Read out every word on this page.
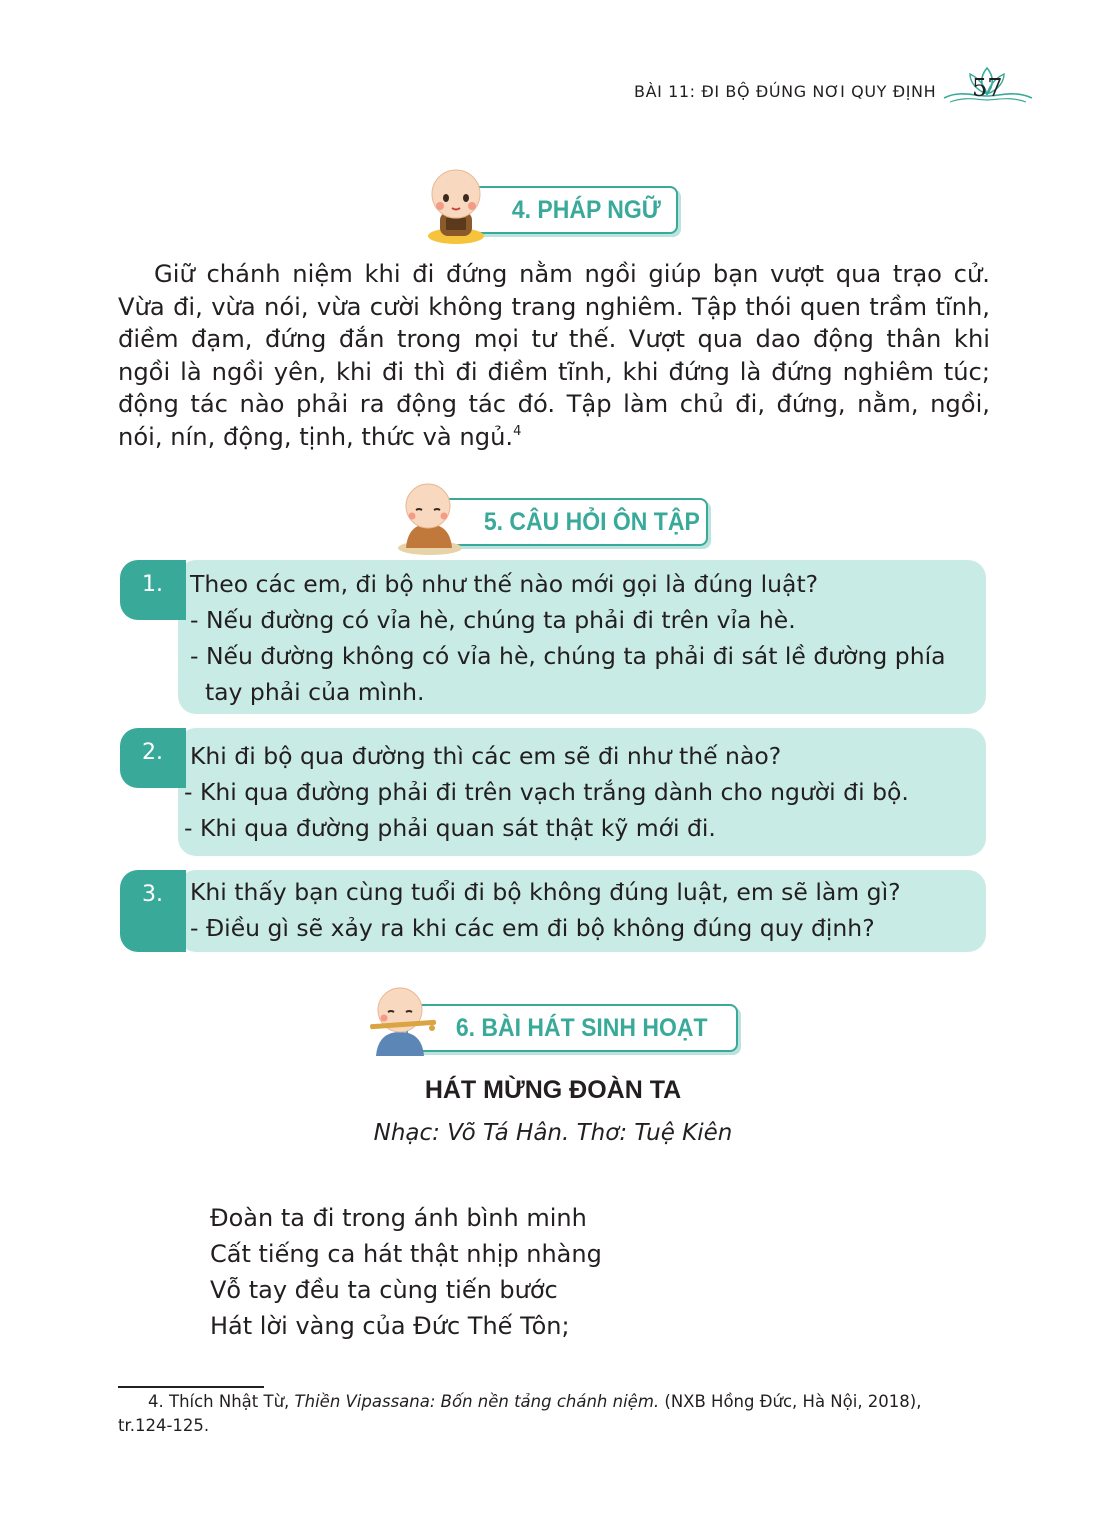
BÀI 11: ĐI BỘ ĐÚNG NƠI QUY ĐỊNH 57
4. PHÁP NGỮ
Giữ chánh niệm khi đi đứng nằm ngồi giúp bạn vượt qua trạo cử.
Vừa đi, vừa nói, vừa cười không trang nghiêm. Tập thói quen trầm tĩnh,
điềm đạm, đứng đắn trong mọi tư thế. Vượt qua dao động thân khi
ngồi là ngồi yên, khi đi thì đi điềm tĩnh, khi đứng là đứng nghiêm túc;
động tác nào phải ra động tác đó. Tập làm chủ đi, đứng, nằm, ngồi,
nói, nín, động, tịnh, thức và ngủ.$^4$
5. CÂU HỎI ÔN TẬP
1. Theo các em, đi bộ như thế nào mới gọi là đúng luật?
- Nếu đường có vỉa hè, chúng ta phải đi trên vỉa hè.
- Nếu đường không có vỉa hè, chúng ta phải đi sát lề đường phía
tay phải của mình.
2. Khi đi bộ qua đường thì các em sẽ đi như thế nào?
- Khi qua đường phải đi trên vạch trắng dành cho người đi bộ.
- Khi qua đường phải quan sát thật kỹ mới đi.
3. Khi thấy bạn cùng tuổi đi bộ không đúng luật, em sẽ làm gì?
- Điều gì sẽ xảy ra khi các em đi bộ không đúng quy định?
6. BÀI HÁT SINH HOẠT
HÁT MỪNG ĐOÀN TA
Nhạc: Võ Tá Hân. Thơ: Tuệ Kiên
Đoàn ta đi trong ánh bình minh
Cất tiếng ca hát thật nhịp nhàng
Vỗ tay đều ta cùng tiến bước
Hát lời vàng của Đức Thế Tôn;
4. Thích Nhật Từ, Thiền Vipassana: Bốn nền tảng chánh niệm. (NXB Hồng Đức, Hà Nội, 2018),
tr.124-125.
